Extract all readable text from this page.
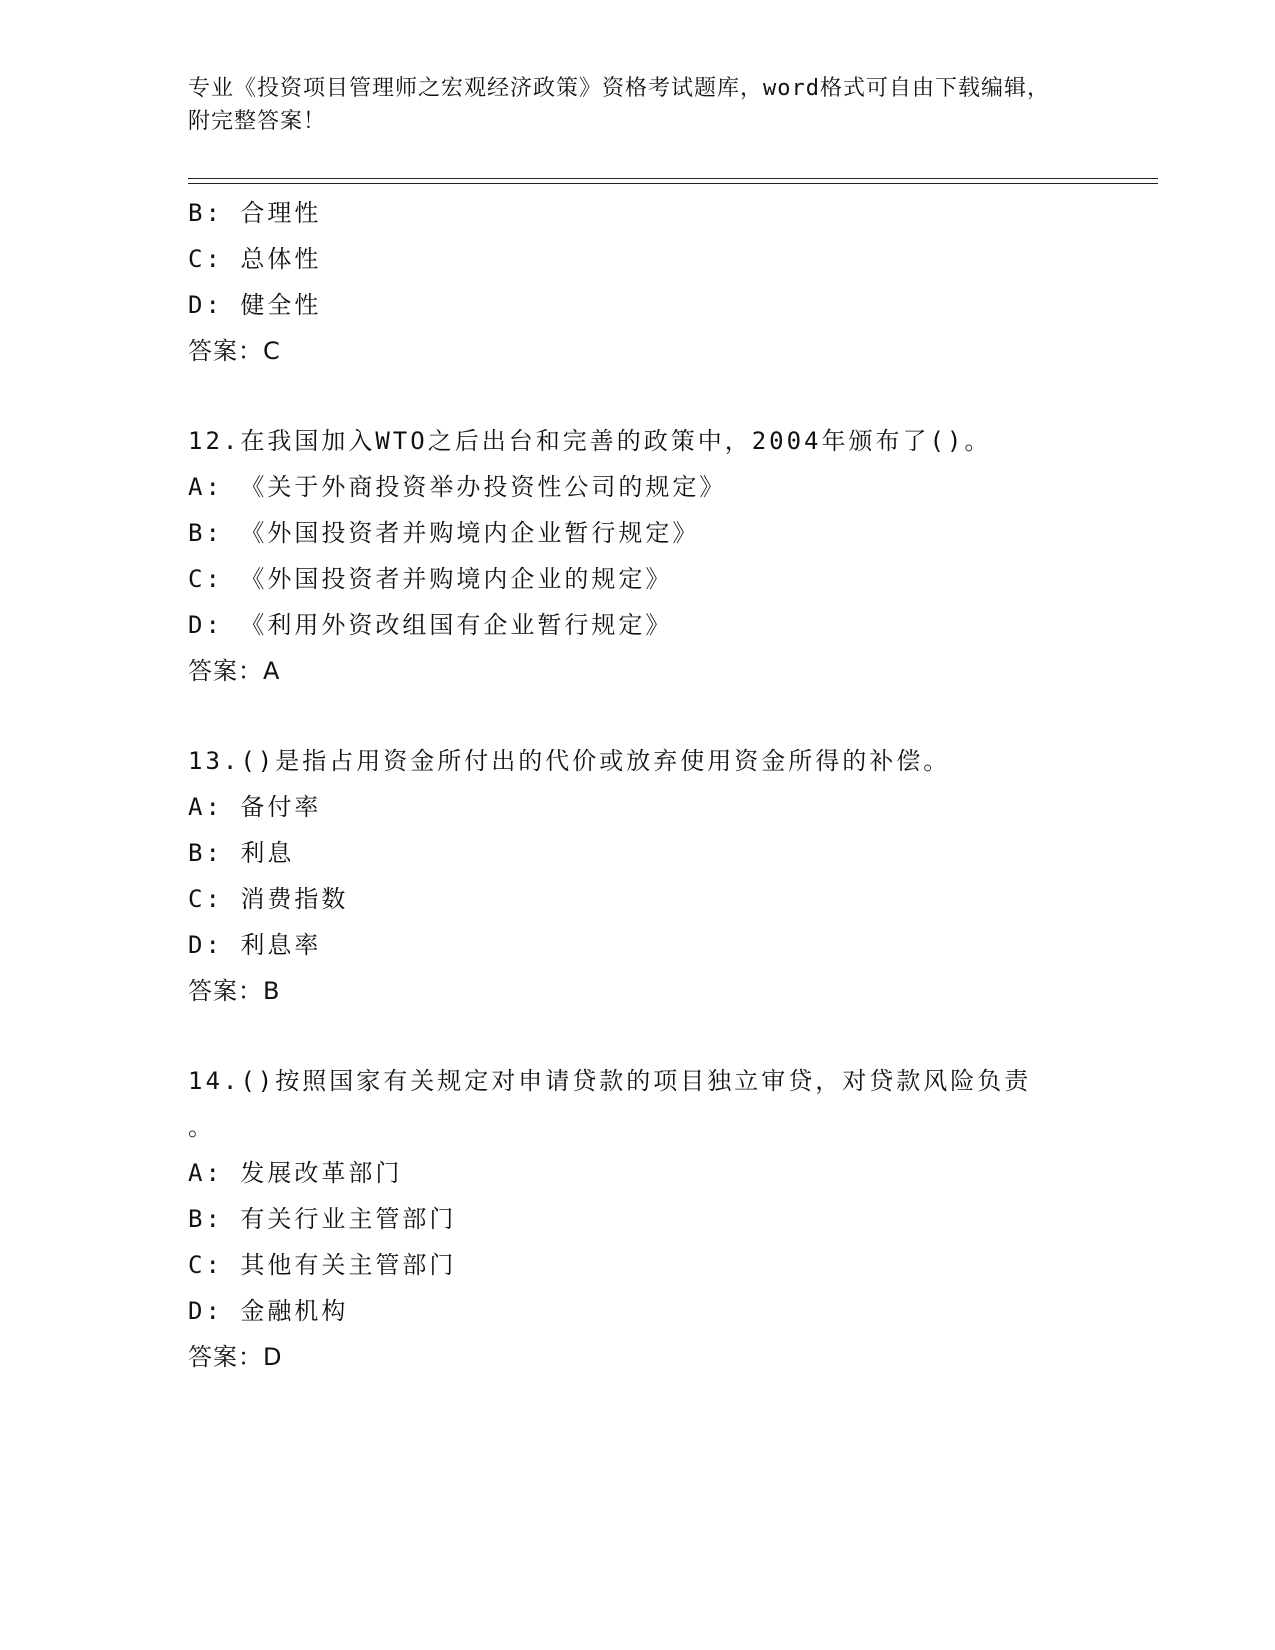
专业《投资项目管理师之宏观经济政策》资格考试题库，word格式可自由下载编辑，附完整答案！
B: 合理性
C: 总体性
D: 健全性
答案：C
12.在我国加入WTO之后出台和完善的政策中，2004年颁布了()。
A: 《关于外商投资举办投资性公司的规定》
B: 《外国投资者并购境内企业暂行规定》
C: 《外国投资者并购境内企业的规定》
D: 《利用外资改组国有企业暂行规定》
答案：A
13.()是指占用资金所付出的代价或放弃使用资金所得的补偿。
A: 备付率
B: 利息
C: 消费指数
D: 利息率
答案：B
14.()按照国家有关规定对申请贷款的项目独立审贷，对贷款风险负责
。
A: 发展改革部门
B: 有关行业主管部门
C: 其他有关主管部门
D: 金融机构
答案：D
